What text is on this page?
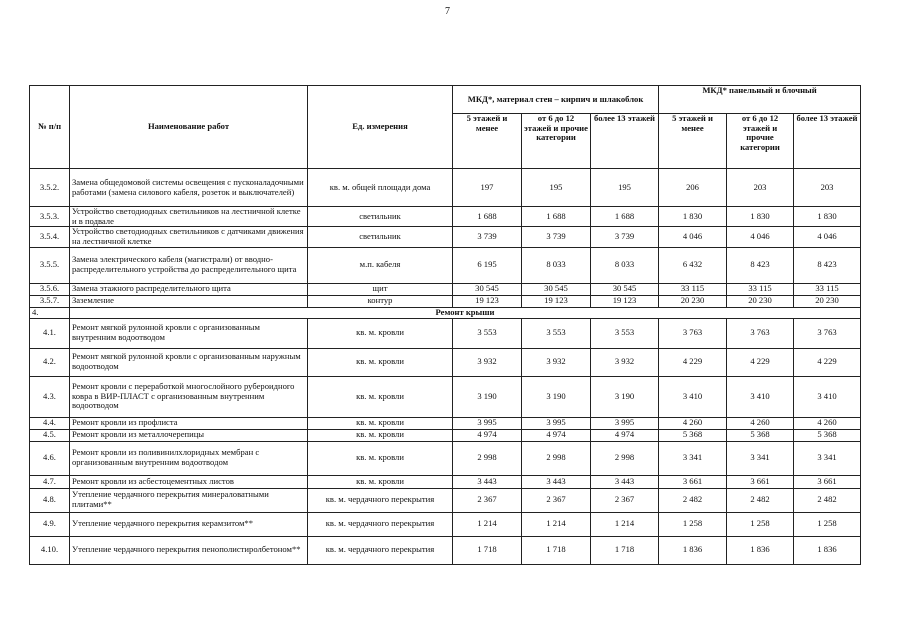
7
№ п/п	Наименование работ	Ед. измерения	МКД*, материал стен – кирпич и шлакоблок			МКД* панельный и блочный		
			5 этажей и менее	от 6 до 12 этажей и прочие категории	более 13 этажей	5 этажей и менее	от 6 до 12 этажей и прочие категории	более 13 этажей
3.5.2.	Замена общедомовой системы освещения с пусконаладочными работами (замена силового кабеля, розеток и выключателей)	кв. м. общей площади дома	197	195	195	206	203	203
3.5.3.	Устройство светодиодных светильников на лестничной клетке и в подвале	светильник	1 688	1 688	1 688	1 830	1 830	1 830
3.5.4.	Устройство светодиодных светильников с датчиками движения на лестничной клетке	светильник	3 739	3 739	3 739	4 046	4 046	4 046
3.5.5.	Замена электрического кабеля (магистрали) от вводно-распределительного устройства до распределительного щита	м.п. кабеля	6 195	8 033	8 033	6 432	8 423	8 423
3.5.6.	Замена этажного распределительного щита	щит	30 545	30 545	30 545	33 115	33 115	33 115
3.5.7.	Заземление	контур	19 123	19 123	19 123	20 230	20 230	20 230
4.	Ремонт крыши							
4.1.	Ремонт мягкой рулонной кровли с организованным внутренним водоотводом	кв. м. кровли	3 553	3 553	3 553	3 763	3 763	3 763
4.2.	Ремонт мягкой рулонной кровли с организованным наружным водоотводом	кв. м. кровли	3 932	3 932	3 932	4 229	4 229	4 229
4.3.	Ремонт кровли с переработкой многослойного рубероидного ковра в ВИР-ПЛАСТ с организованным внутренним водоотводом	кв. м. кровли	3 190	3 190	3 190	3 410	3 410	3 410
4.4.	Ремонт кровли из профлиста	кв. м. кровли	3 995	3 995	3 995	4 260	4 260	4 260
4.5.	Ремонт кровли из металлочерепицы	кв. м. кровли	4 974	4 974	4 974	5 368	5 368	5 368
4.6.	Ремонт кровли из поливинилхлоридных мембран с организованным внутренним водоотводом	кв. м. кровли	2 998	2 998	2 998	3 341	3 341	3 341
4.7.	Ремонт кровли из асбестоцементных листов	кв. м. кровли	3 443	3 443	3 443	3 661	3 661	3 661
4.8.	Утепление чердачного перекрытия минераловатными плитами**	кв. м. чердачного перекрытия	2 367	2 367	2 367	2 482	2 482	2 482
4.9.	Утепление чердачного перекрытия керамзитом**	кв. м. чердачного перекрытия	1 214	1 214	1 214	1 258	1 258	1 258
4.10.	Утепление чердачного перекрытия пенополистиролбетоном**	кв. м. чердачного перекрытия	1 718	1 718	1 718	1 836	1 836	1 836
